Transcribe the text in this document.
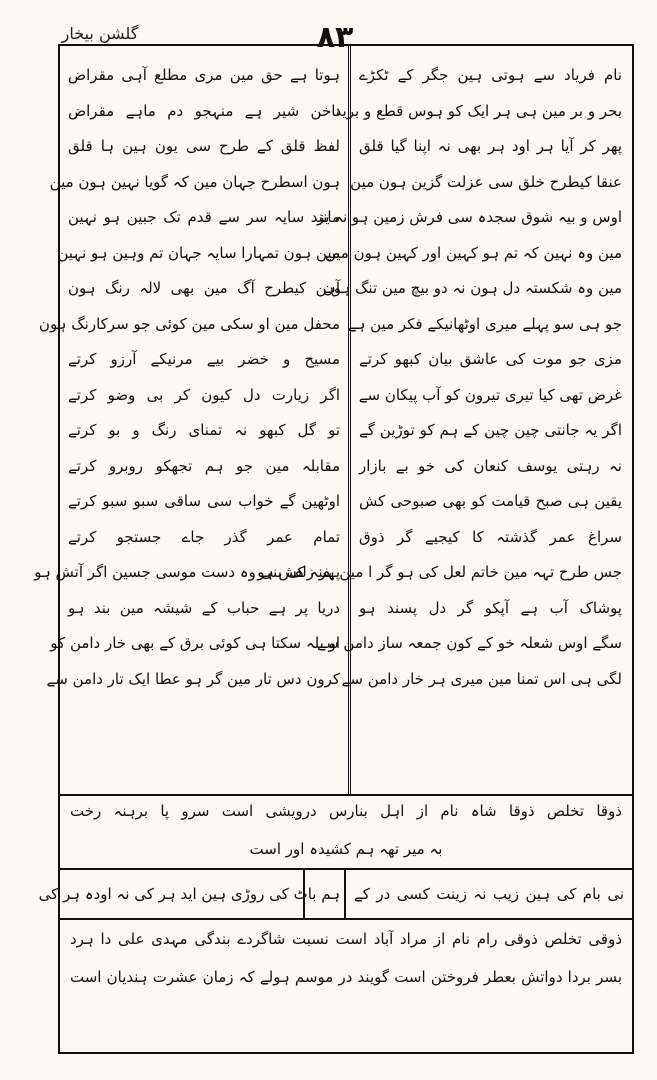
گلشن بیخار	۸۳
نام فریاد سے ہوتی ہین جگر کے ٹکڑے
بحر و بر مین ہی ہر ایک کو ہوس قطع و برید
پھر کر آیا ہر اود ہر بھی نہ اپنا گیا قلق
عنقا کیطرح خلق سی عزلت گزین ہون مین
اوس و بیہ شوق سجدہ سی فرش زمین ہو نہ یز
مین وہ نہین کہ تم ہو کہین اور کہین ہون مین
مین وہ شکستہ دل ہون نہ دو بیچ مین تنگ ہون
جو ہی سو پہلے میری اوٹھانیکے فکر مین ہے
مزی جو موت کی عاشق بیان کبھو کرتے
غرض تھی کیا تیری تیرون کو آب پیکان سے
اگر یہ جانتی چین چین کے ہم کو توڑین گے
نہ رہتی یوسف کنعان کی خو بے بازار
یقین ہی صبح قیامت کو بھی صبوحی کش
سراغ عمر گذشتہ کا کیجیے گر ذوق
جس طرح تہہ مین خاتم لعل کی ہو گر ا مین یفنہ کش ہو
پوشاک آب ہے آپکو گر دل پسند ہو
سگے اوس شعلہ خو کے کون جمعہ ساز دامن سے
لگی ہی اس تمنا مین میری ہر خار دامن سے
ہوتا ہے حق مین مری مطلع آہی مقراض
ناخن شیر ہے منہجو دم ماہے مقراض
لفظ قلق کے طرح سی یون ہین ہا قلق
ہون اسطرح جہان مین کہ گویا نہین ہون مین
مانند سایہ سر سے قدم تک جبین ہو نہین
مین ہون تمہارا سایہ جہان تم وہین ہو نہین
آہن کیطرح آگ مین بھی لالہ رنگ ہون
محفل مین او سکی مین کوئی جو سرکارنگ ہون
مسیح و خضر بیے مرنیکے آرزو کرتے
اگر زیارت دل کیون کر بی وضو کرتے
تو گل کبھو نہ تمنای رنگ و بو کرتے
مقابلہ مین جو ہم تجھکو روبرو کرتے
اوٹھین گے خواب سی ساقی سبو سبو کرتے
تمام عمر گذر جاے جستجو کرتے
پہر زلف بنی وہ دست موسی جسین اگر آتش ہو
دریا پر ہے حباب کے شیشہ مین بند ہو
او بلہ سکتا ہی کوئی برق کے بھی خار دامن کو
کرون دس تار مین گر ہو عطا ایک تار دامن سے
ذوقا تخلص ذوقا شاہ نام از اہل بنارس درویشی است سرو پا برہنہ رخت
بہ میر تھہ ہم کشیدہ اور است
نی بام کی ہین زیب نہ زینت کسی در کے
ہم باٹ کی روڑی ہین اید ہر کی نہ اودہ ہر کی
ذوقی تخلص ذوقی رام نام از مراد آباد است نسبت شاگردے بندگی مہدی علی دا ہرد
بسر بردا دواتش بعطر فروختن است گویند در موسم ہولے کہ زمان عشرت ہندیان است
